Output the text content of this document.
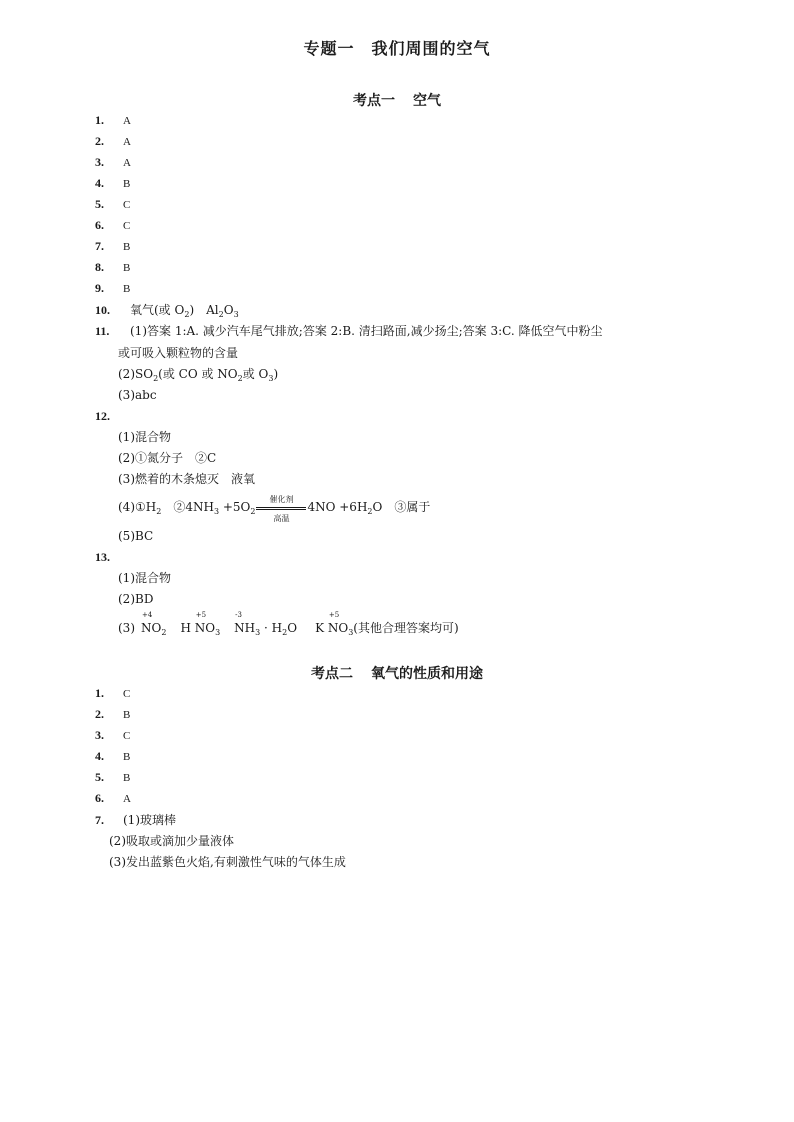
专题一　我们周围的空气
考点一 空气
1. A
2. A
3. A
4. B
5. C
6. C
7. B
8. B
9. B
10. 氧气(或 $O_2$)　$Al_2O_3$
11. (1)答案 1:A. 减少汽车尾气排放;答案 2:B. 清扫路面,减少扬尘;答案 3:C. 降低空气中粉尘
或可吸入颗粒物的含量
$(2)SO_2$(或 CO 或 $NO_2$或 $O_3$)
(3)abc
12.
(1)混合物
(2)①氮分子　②C
(3)燃着的木条熄灭　液氧
$(4)①H_2$　$②4NH_3 +5O_2$
催化剂
高温
$4NO +6H_2O$　③属于
(5)BC
13.
(1)混合物
(2)BD
(3)
+4
$NO_2$ H
+5
$NO_3$
-3
$NH_3 \cdot H_2O$ K
+5
$NO_3$(其他合理答案均可)
考点二 氧气的性质和用途
1. C
2. B
3. C
4. B
5. B
6. A
7. (1)玻璃棒
(2)吸取或滴加少量液体
(3)发出蓝紫色火焰,有刺激性气味的气体生成
